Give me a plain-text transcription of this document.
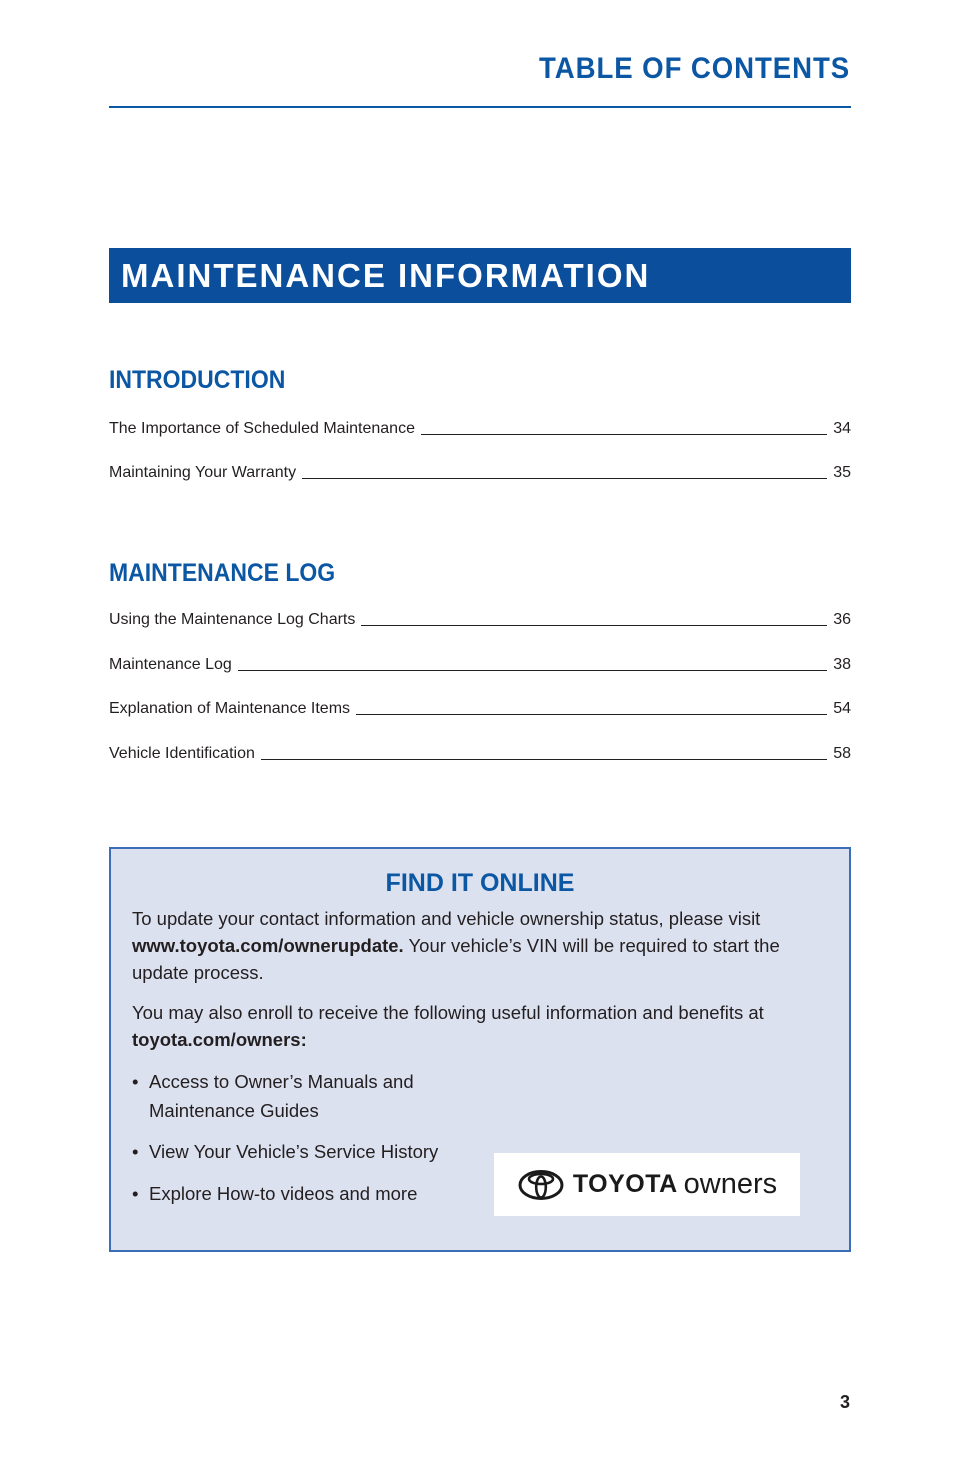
TABLE OF CONTENTS
MAINTENANCE INFORMATION
INTRODUCTION
The Importance of Scheduled Maintenance	34
Maintaining Your Warranty	35
MAINTENANCE LOG
Using the Maintenance Log Charts	36
Maintenance Log	38
Explanation of Maintenance Items	54
Vehicle Identification	58
FIND IT ONLINE
To update your contact information and vehicle ownership status, please visit www.toyota.com/ownerupdate. Your vehicle’s VIN will be required to start the update process.
You may also enroll to receive the following useful information and benefits at
toyota.com/owners:
• Access to Owner’s Manuals and
Maintenance Guides
• View Your Vehicle’s Service History
• Explore How-to videos and more	TOYOTA owners
3
